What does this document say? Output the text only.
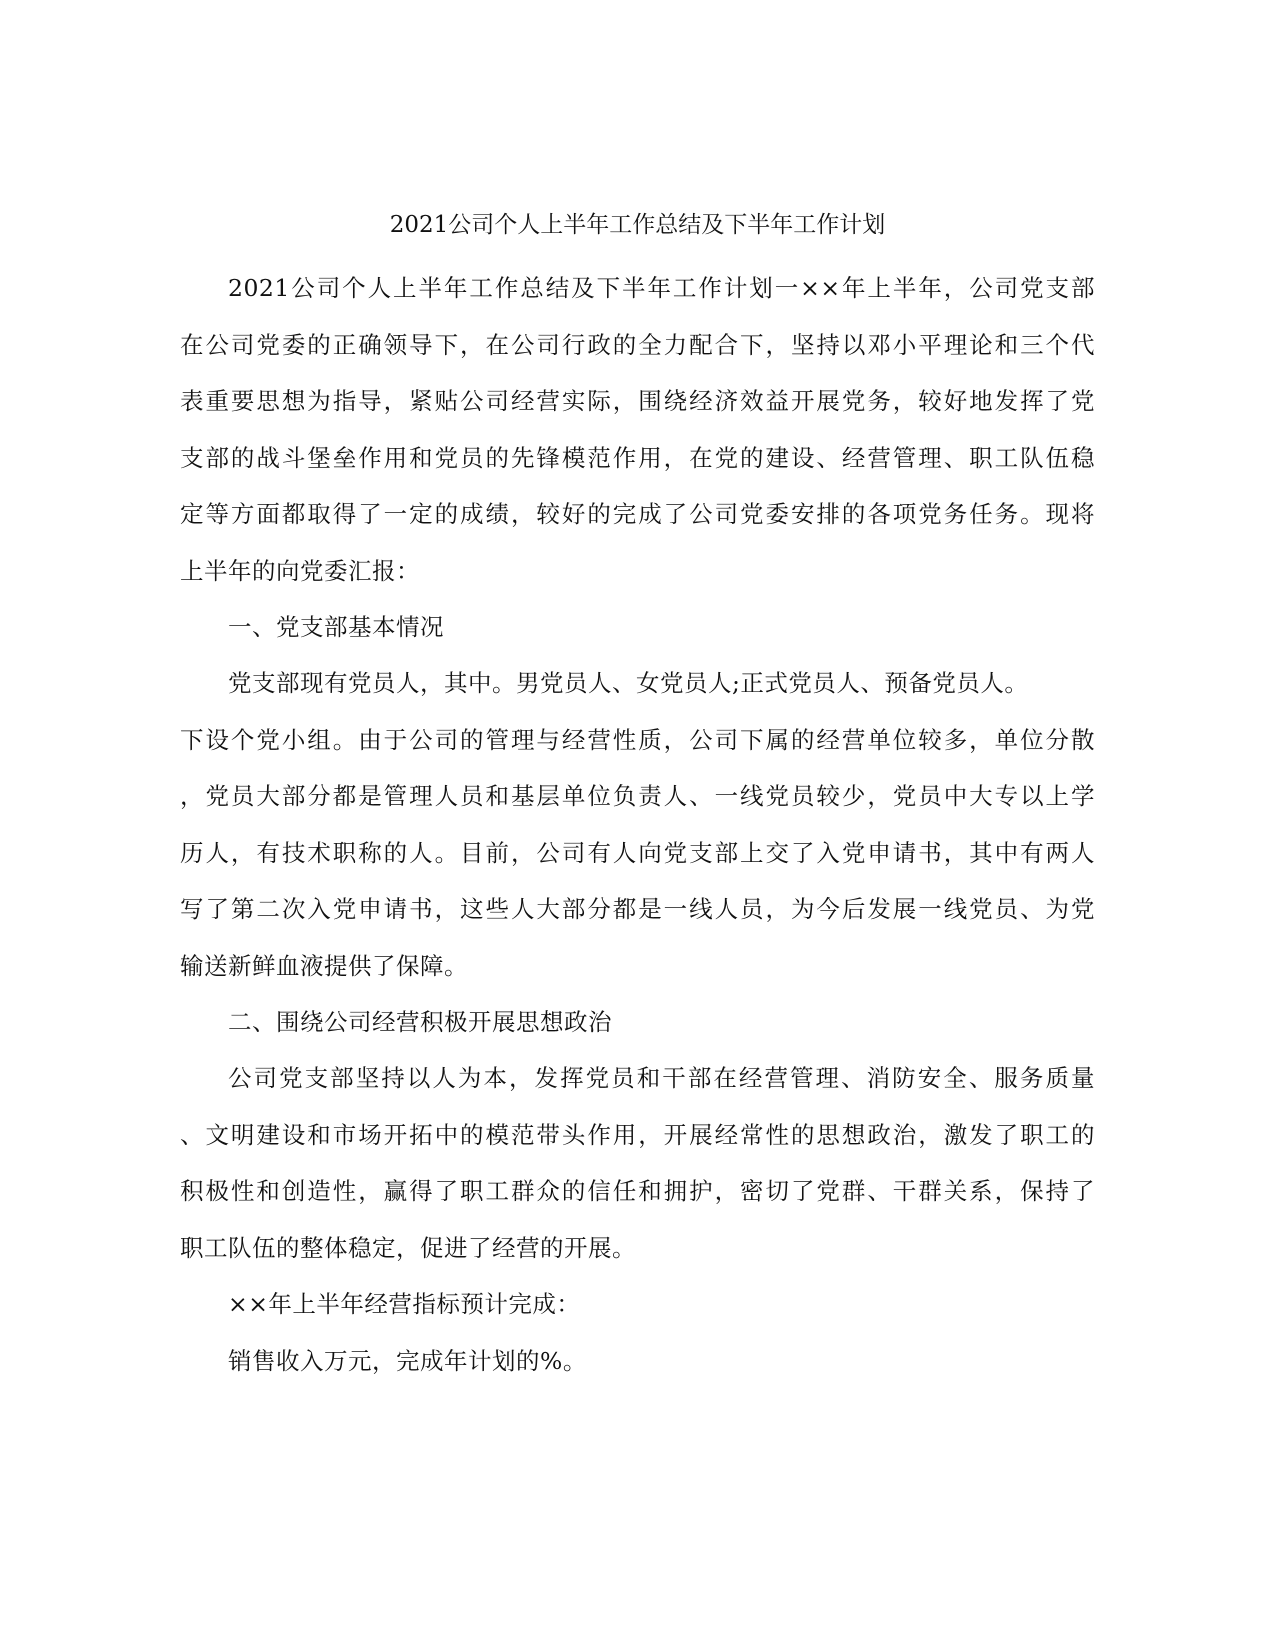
2021公司个人上半年工作总结及下半年工作计划
2021公司个人上半年工作总结及下半年工作计划一××年上半年，公司党支部
在公司党委的正确领导下，在公司行政的全力配合下，坚持以邓小平理论和三个代
表重要思想为指导，紧贴公司经营实际，围绕经济效益开展党务，较好地发挥了党
支部的战斗堡垒作用和党员的先锋模范作用，在党的建设、经营管理、职工队伍稳
定等方面都取得了一定的成绩，较好的完成了公司党委安排的各项党务任务。现将
上半年的向党委汇报：
一、党支部基本情况
党支部现有党员人，其中。男党员人、女党员人;正式党员人、预备党员人。
下设个党小组。由于公司的管理与经营性质，公司下属的经营单位较多，单位分散
，党员大部分都是管理人员和基层单位负责人、一线党员较少，党员中大专以上学
历人，有技术职称的人。目前，公司有人向党支部上交了入党申请书，其中有两人
写了第二次入党申请书，这些人大部分都是一线人员，为今后发展一线党员、为党
输送新鲜血液提供了保障。
二、围绕公司经营积极开展思想政治
公司党支部坚持以人为本，发挥党员和干部在经营管理、消防安全、服务质量
、文明建设和市场开拓中的模范带头作用，开展经常性的思想政治，激发了职工的
积极性和创造性，赢得了职工群众的信任和拥护，密切了党群、干群关系，保持了
职工队伍的整体稳定，促进了经营的开展。
××年上半年经营指标预计完成：
销售收入万元，完成年计划的%。
